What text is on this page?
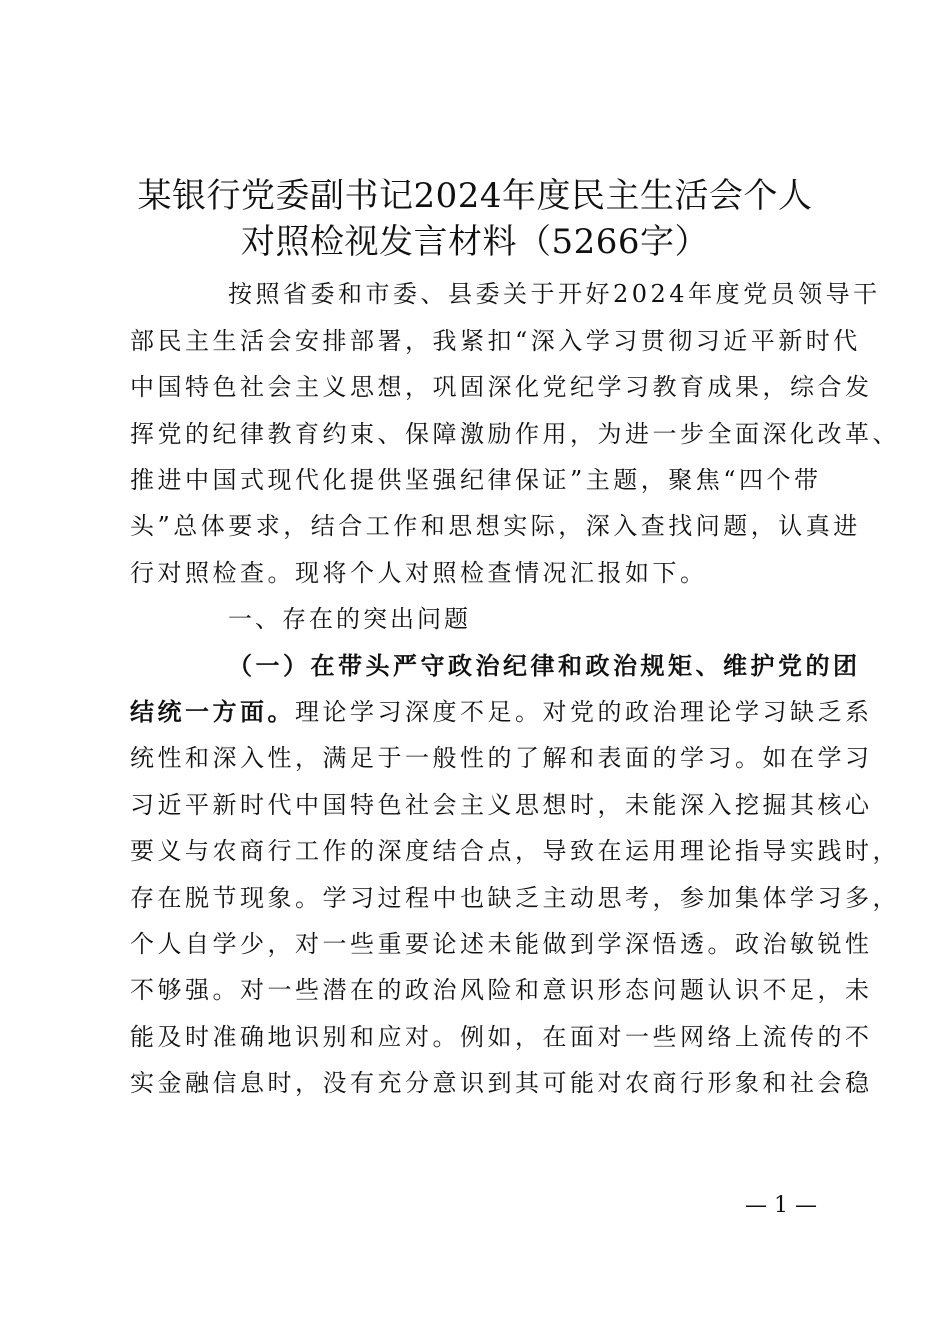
某银行党委副书记2024年度民主生活会个人
对照检视发言材料（5266字）
按照省委和市委、县委关于开好2024年度党员领导干
部民主生活会安排部署，我紧扣“深入学习贯彻习近平新时代
中国特色社会主义思想，巩固深化党纪学习教育成果，综合发
挥党的纪律教育约束、保障激励作用，为进一步全面深化改革、
推进中国式现代化提供坚强纪律保证”主题，聚焦“四个带
头”总体要求，结合工作和思想实际，深入查找问题，认真进
行对照检查。现将个人对照检查情况汇报如下。
一、存在的突出问题
（一）在带头严守政治纪律和政治规矩、维护党的团
结统一方面。理论学习深度不足。对党的政治理论学习缺乏系
统性和深入性，满足于一般性的了解和表面的学习。如在学习
习近平新时代中国特色社会主义思想时，未能深入挖掘其核心
要义与农商行工作的深度结合点，导致在运用理论指导实践时，
存在脱节现象。学习过程中也缺乏主动思考，参加集体学习多，
个人自学少，对一些重要论述未能做到学深悟透。政治敏锐性
不够强。对一些潜在的政治风险和意识形态问题认识不足，未
能及时准确地识别和应对。例如，在面对一些网络上流传的不
实金融信息时，没有充分意识到其可能对农商行形象和社会稳
— 1 —
